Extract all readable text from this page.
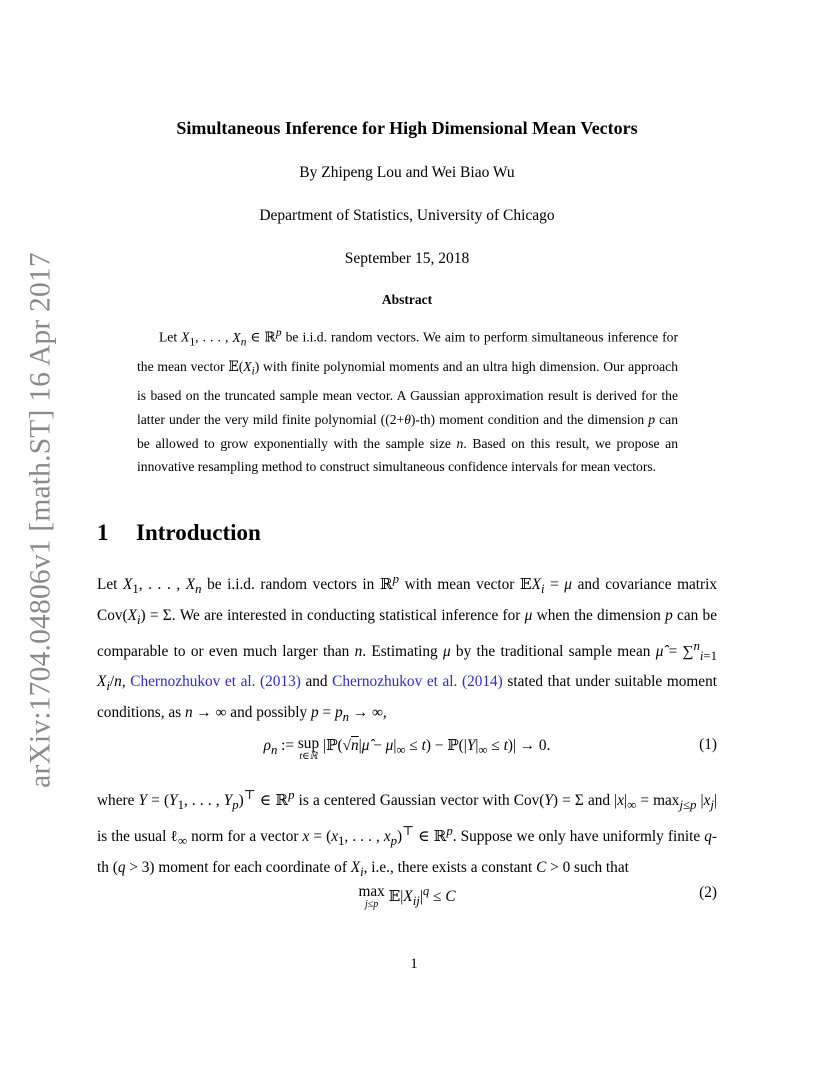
arXiv:1704.04806v1 [math.ST] 16 Apr 2017
Simultaneous Inference for High Dimensional Mean Vectors

By Zhipeng Lou and Wei Biao Wu

Department of Statistics, University of Chicago

September 15, 2018

Abstract

Let $X_1$, . . . , $X_n$ ∈ ℝ$^p$ be i.i.d. random vectors. We aim to perform simultaneous inference for the mean vector $𝔼(X_i)$ with finite polynomial moments and an ultra high dimension. Our approach is based on the truncated sample mean vector. A Gaussian approximation result is derived for the latter under the very mild finite polynomial ((2+θ)-th) moment condition and the dimension p can be allowed to grow exponentially with the sample size n. Based on this result, we propose an innovative resampling method to construct simultaneous confidence intervals for mean vectors.

1 Introduction

Let $X_1$, . . . , $X_n$ be i.i.d. random vectors in ℝ$^p$ with mean vector 𝔼X$_i$ = μ and covariance matrix $Cov(X_i) = \Sigma$. We are interested in conducting statistical inference for μ when the dimension p can be comparable to or even much larger than n. Estimating μ by the traditional sample mean μ̂ = ∑$^n_{i=1}$ $X_i/n$, Chernozhukov et al. (2013) and Chernozhukov et al. (2014) stated that under suitable moment conditions, as n → ∞ and possibly $p = p_n$ → ∞,

$\rho_n$ := sup
t∈ℝ
|ℙ(√n|μ̂ − $\mu|_\infty \le t$) − $ℙ(|Y|_\infty \le t)| \to 0$.	(1)

where $Y = (Y_1$, . . . , $Y_p)^⊤$ ∈ ℝ$^p$ is a centered Gaussian vector with Cov(Y) = Σ and $|x|_\infty = \max_{j\le p} |x_j|$ is the usual ℓ$_\infty$ norm for a vector $x = (x_1$, . . . , $x_p)^⊤$ ∈ ℝ$^p$. Suppose we only have uniformly finite q-th (q > 3) moment for each coordinate of $X_i$, i.e., there exists a constant C > 0 such that

max
j≤p $𝔼|X_{ij}|^q \le C$	(2)

1
